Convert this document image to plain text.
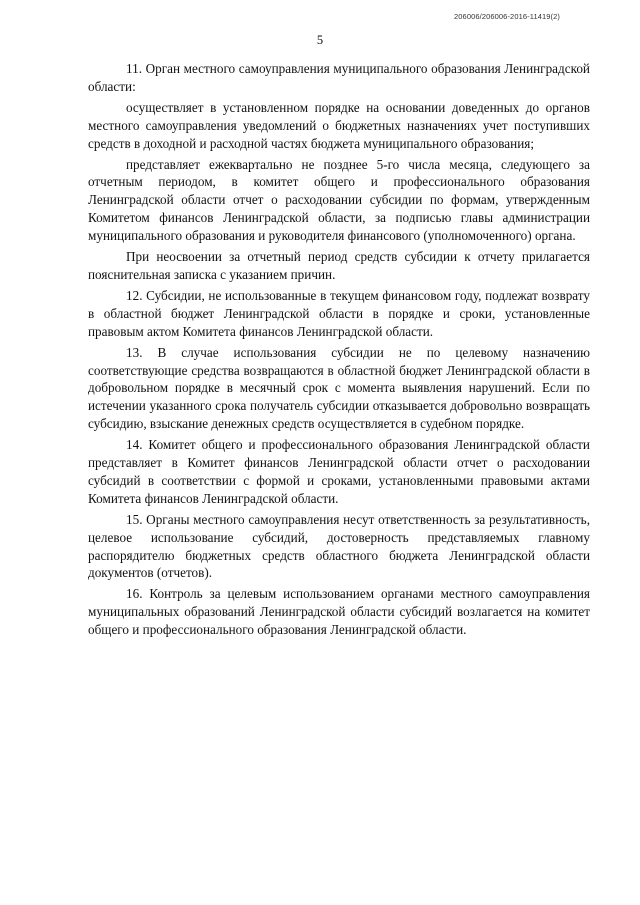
206006/206006-2016-11419(2)
5

11. Орган местного самоуправления муниципального образования Ленинградской области:

осуществляет в установленном порядке на основании доведенных до органов местного самоуправления уведомлений о бюджетных назначениях учет поступивших средств в доходной и расходной частях бюджета муниципального образования;

представляет ежеквартально не позднее 5-го числа месяца, следующего за отчетным периодом, в комитет общего и профессионального образования Ленинградской области отчет о расходовании субсидии по формам, утвержденным Комитетом финансов Ленинградской области, за подписью главы администрации муниципального образования и руководителя финансового (уполномоченного) органа.

При неосвоении за отчетный период средств субсидии к отчету прилагается пояснительная записка с указанием причин.

12. Субсидии, не использованные в текущем финансовом году, подлежат возврату в областной бюджет Ленинградской области в порядке и сроки, установленные правовым актом Комитета финансов Ленинградской области.

13. В случае использования субсидии не по целевому назначению соответствующие средства возвращаются в областной бюджет Ленинградской области в добровольном порядке в месячный срок с момента выявления нарушений. Если по истечении указанного срока получатель субсидии отказывается добровольно возвращать субсидию, взыскание денежных средств осуществляется в судебном порядке.

14. Комитет общего и профессионального образования Ленинградской области представляет в Комитет финансов Ленинградской области отчет о расходовании субсидий в соответствии с формой и сроками, установленными правовыми актами Комитета финансов Ленинградской области.

15. Органы местного самоуправления несут ответственность за результативность, целевое использование субсидий, достоверность представляемых главному распорядителю бюджетных средств областного бюджета Ленинградской области документов (отчетов).

16. Контроль за целевым использованием органами местного самоуправления муниципальных образований Ленинградской области субсидий возлагается на комитет общего и профессионального образования Ленинградской области.
